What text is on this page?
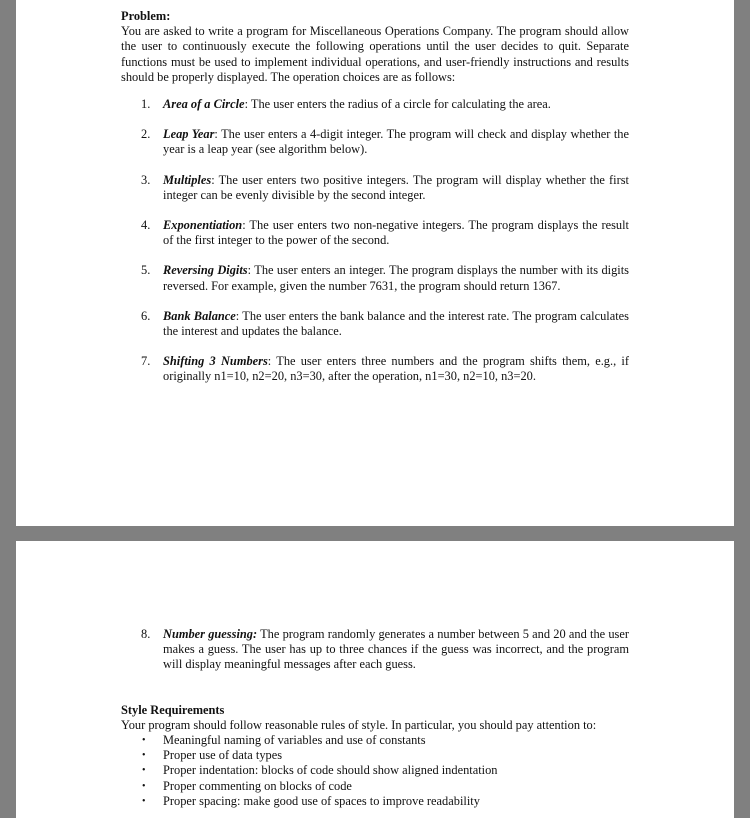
Problem:

You are asked to write a program for Miscellaneous Operations Company. The program should allow the user to continuously execute the following operations until the user decides to quit. Separate functions must be used to implement individual operations, and user-friendly instructions and results should be properly displayed. The operation choices are as follows:

1. Area of a Circle: The user enters the radius of a circle for calculating the area.
2. Leap Year: The user enters a 4-digit integer. The program will check and display whether the year is a leap year (see algorithm below).
3. Multiples: The user enters two positive integers. The program will display whether the first integer can be evenly divisible by the second integer.
4. Exponentiation: The user enters two non-negative integers. The program displays the result of the first integer to the power of the second.
5. Reversing Digits: The user enters an integer. The program displays the number with its digits reversed. For example, given the number 7631, the program should return 1367.
6. Bank Balance: The user enters the bank balance and the interest rate. The program calculates the interest and updates the balance.
7. Shifting 3 Numbers: The user enters three numbers and the program shifts them, e.g., if originally n1=10, n2=20, n3=30, after the operation, n1=30, n2=10, n3=20.
8. Number guessing: The program randomly generates a number between 5 and 20 and the user makes a guess. The user has up to three chances if the guess was incorrect, and the program will display meaningful messages after each guess.
Style Requirements
Your program should follow reasonable rules of style. In particular, you should pay attention to:
• Meaningful naming of variables and use of constants
• Proper use of data types
• Proper indentation: blocks of code should show aligned indentation
• Proper commenting on blocks of code
• Proper spacing: make good use of spaces to improve readability
